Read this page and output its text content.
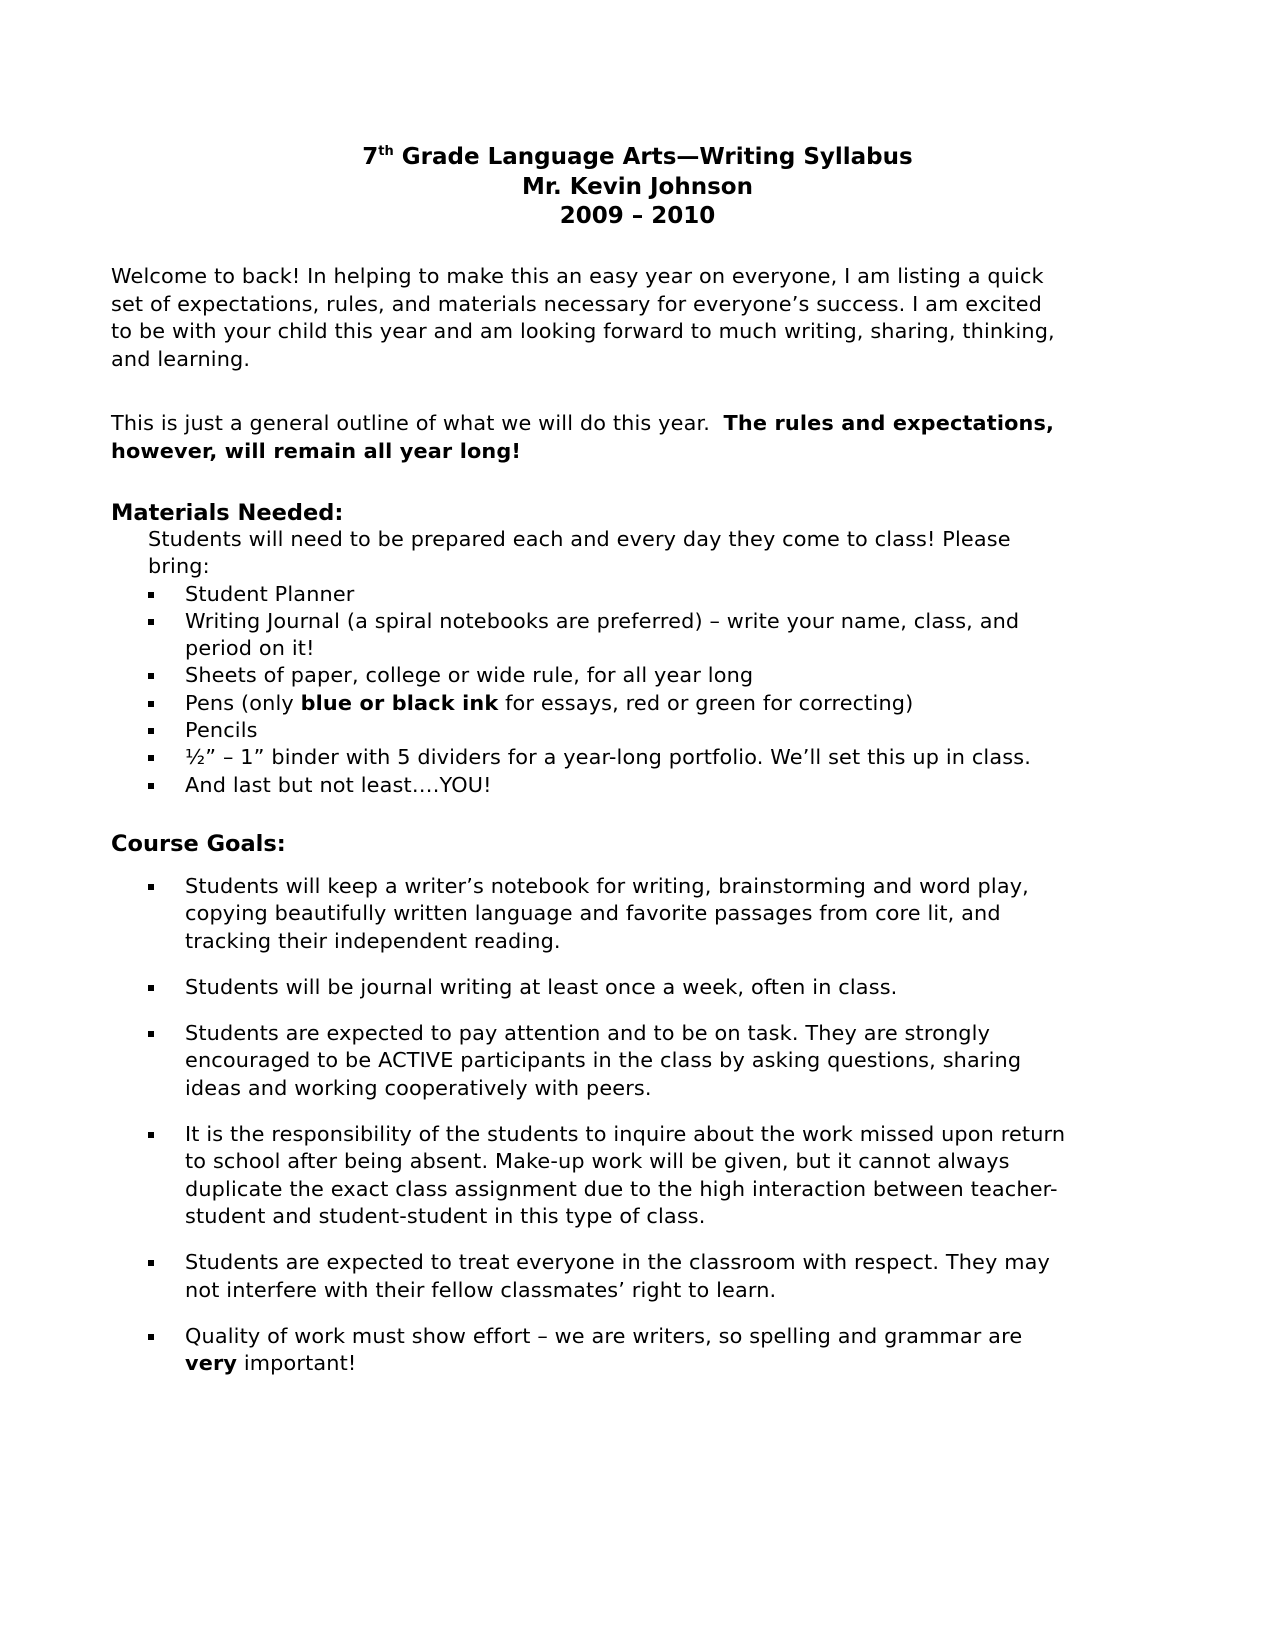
7th Grade Language Arts—Writing Syllabus
Mr. Kevin Johnson
2009 – 2010
Welcome to back! In helping to make this an easy year on everyone, I am listing a quick
set of expectations, rules, and materials necessary for everyone’s success. I am excited
to be with your child this year and am looking forward to much writing, sharing, thinking,
and learning.
This is just a general outline of what we will do this year.  The rules and expectations,
however, will remain all year long!
Materials Needed:
Students will need to be prepared each and every day they come to class! Please
bring:
Student Planner
Writing Journal (a spiral notebooks are preferred) – write your name, class, and
period on it!
Sheets of paper, college or wide rule, for all year long
Pens (only blue or black ink for essays, red or green for correcting)
Pencils
½” – 1” binder with 5 dividers for a year-long portfolio. We’ll set this up in class.
And last but not least….YOU!
Course Goals:
Students will keep a writer’s notebook for writing, brainstorming and word play,
copying beautifully written language and favorite passages from core lit, and
tracking their independent reading.
Students will be journal writing at least once a week, often in class.
Students are expected to pay attention and to be on task. They are strongly
encouraged to be ACTIVE participants in the class by asking questions, sharing
ideas and working cooperatively with peers.
It is the responsibility of the students to inquire about the work missed upon return
to school after being absent. Make-up work will be given, but it cannot always
duplicate the exact class assignment due to the high interaction between teacher-
student and student-student in this type of class.
Students are expected to treat everyone in the classroom with respect. They may
not interfere with their fellow classmates’ right to learn.
Quality of work must show effort – we are writers, so spelling and grammar are
very important!
